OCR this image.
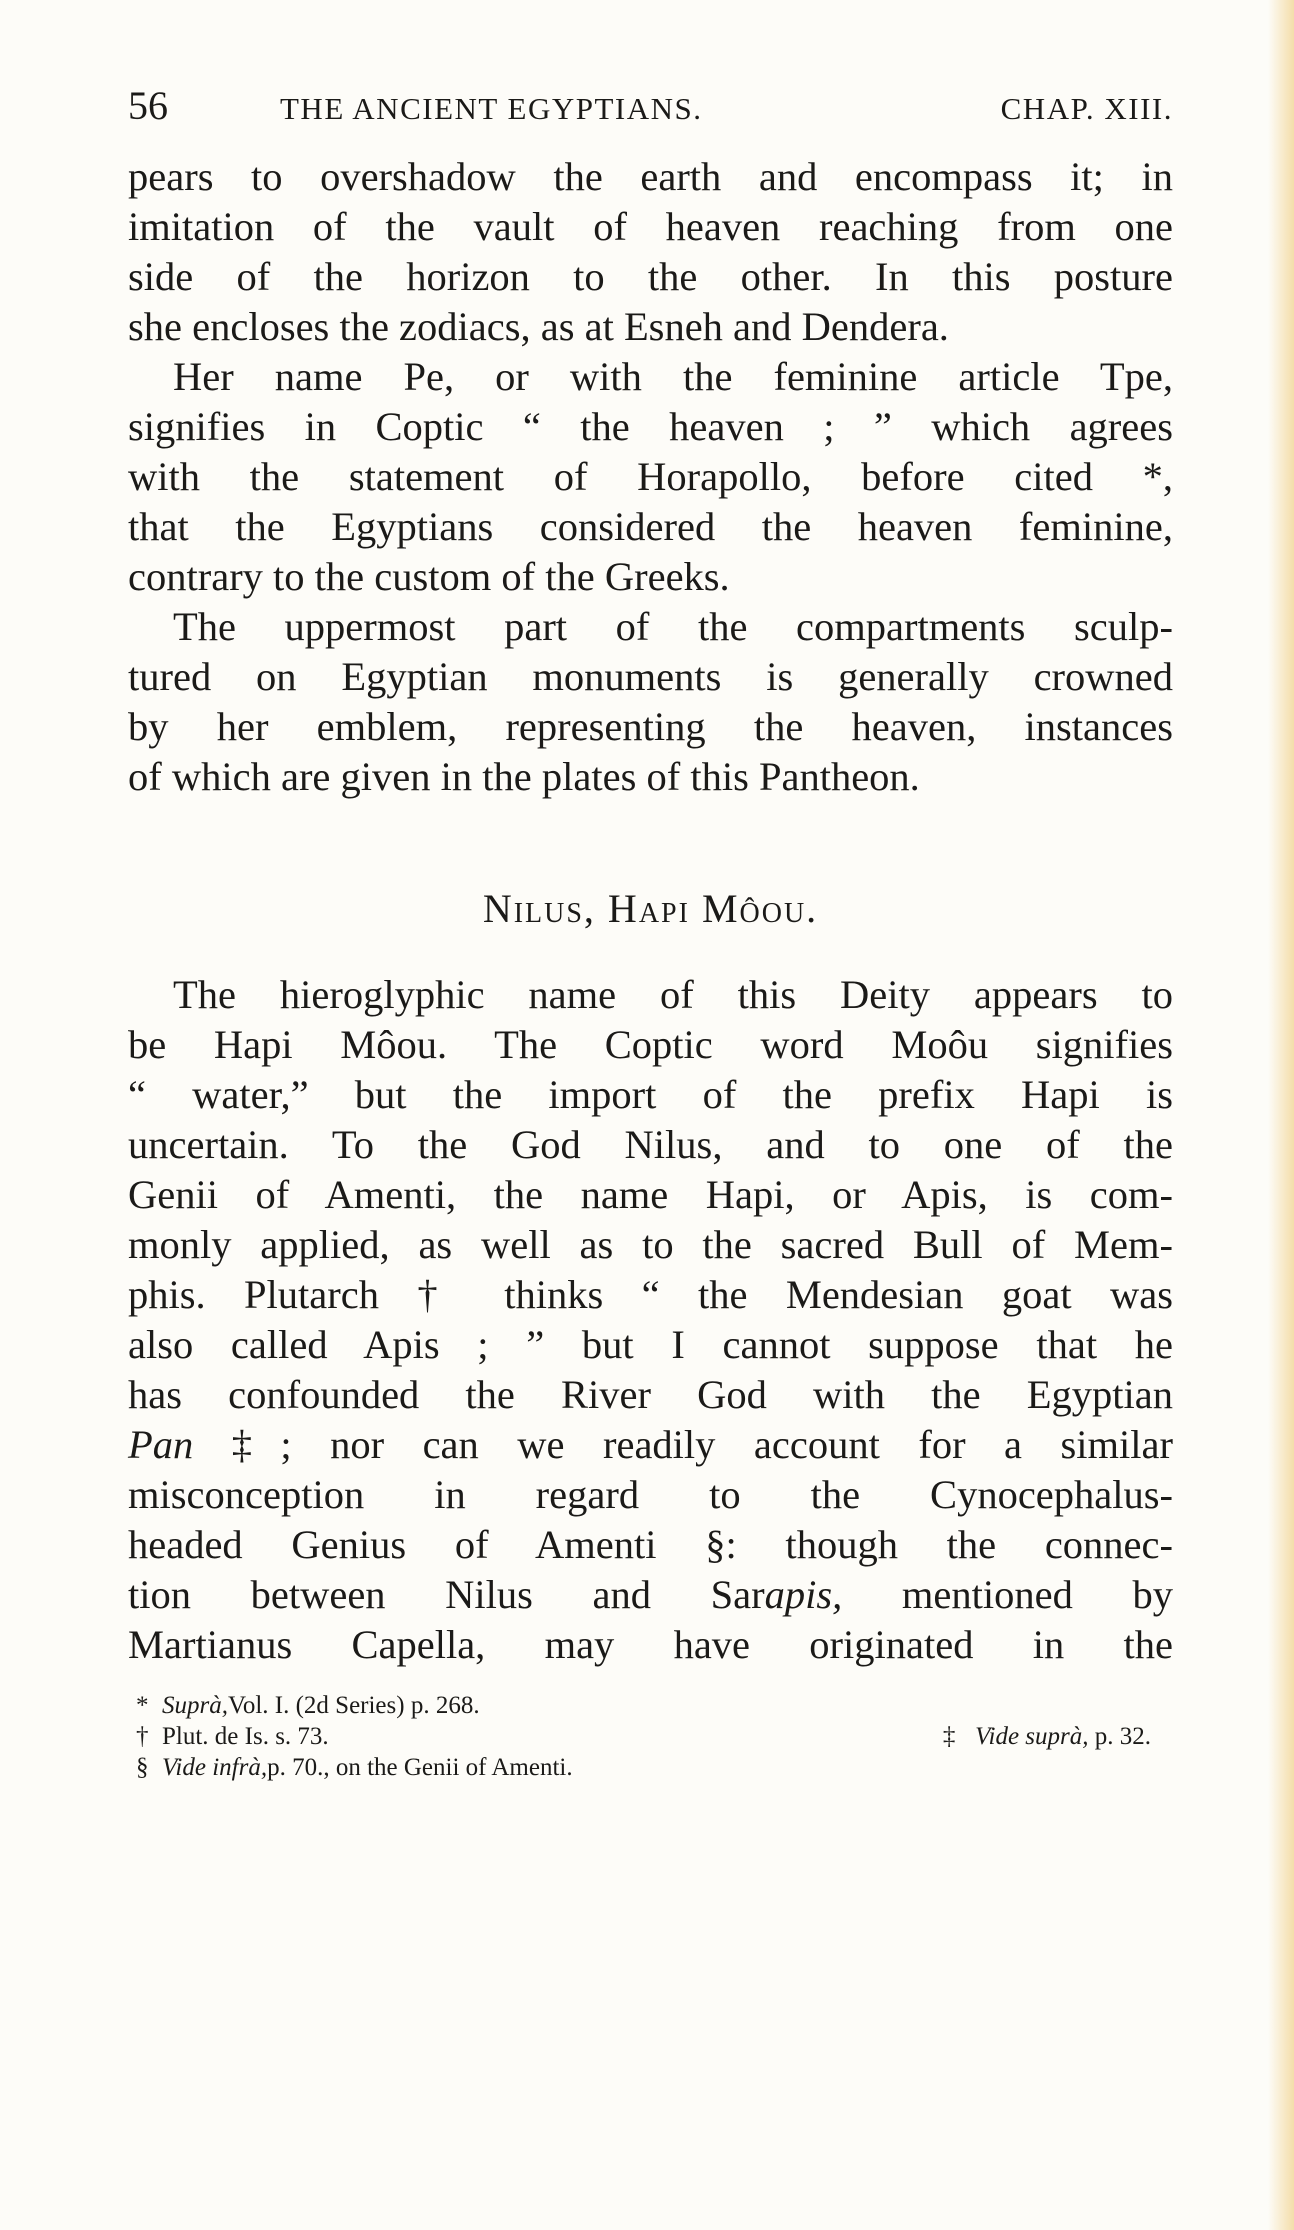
56	THE ANCIENT EGYPTIANS.	CHAP. XIII.
pears to overshadow the earth and encompass it; in
imitation of the vault of heaven reaching from one
side of the horizon to the other. In this posture
she encloses the zodiacs, as at Esneh and Dendera.
Her name Pe, or with the feminine article Tpe,
signifies in Coptic “ the heaven ; ” which agrees
with the statement of Horapollo, before cited *,
that the Egyptians considered the heaven feminine,
contrary to the custom of the Greeks.
The uppermost part of the compartments sculp-
tured on Egyptian monuments is generally crowned
by her emblem, representing the heaven, instances
of which are given in the plates of this Pantheon.
Nilus, Hapi Môou.
The hieroglyphic name of this Deity appears to
be Hapi Môou. The Coptic word Moôu signifies
“ water,” but the import of the prefix Hapi is
uncertain. To the God Nilus, and to one of the
Genii of Amenti, the name Hapi, or Apis, is com-
monly applied, as well as to the sacred Bull of Mem-
phis. Plutarch † thinks “ the Mendesian goat was
also called Apis ; ” but I cannot suppose that he
has confounded the River God with the Egyptian
Pan ‡; nor can we readily account for a similar
misconception in regard to the Cynocephalus-
headed Genius of Amenti §: though the connec-
tion between Nilus and Sarapis, mentioned by
Martianus Capella, may have originated in the
* Suprà, Vol. I. (2d Series) p. 268.
† Plut. de Is. s. 73.	‡ Vide suprà, p. 32.
§ Vide infrà, p. 70., on the Genii of Amenti.
